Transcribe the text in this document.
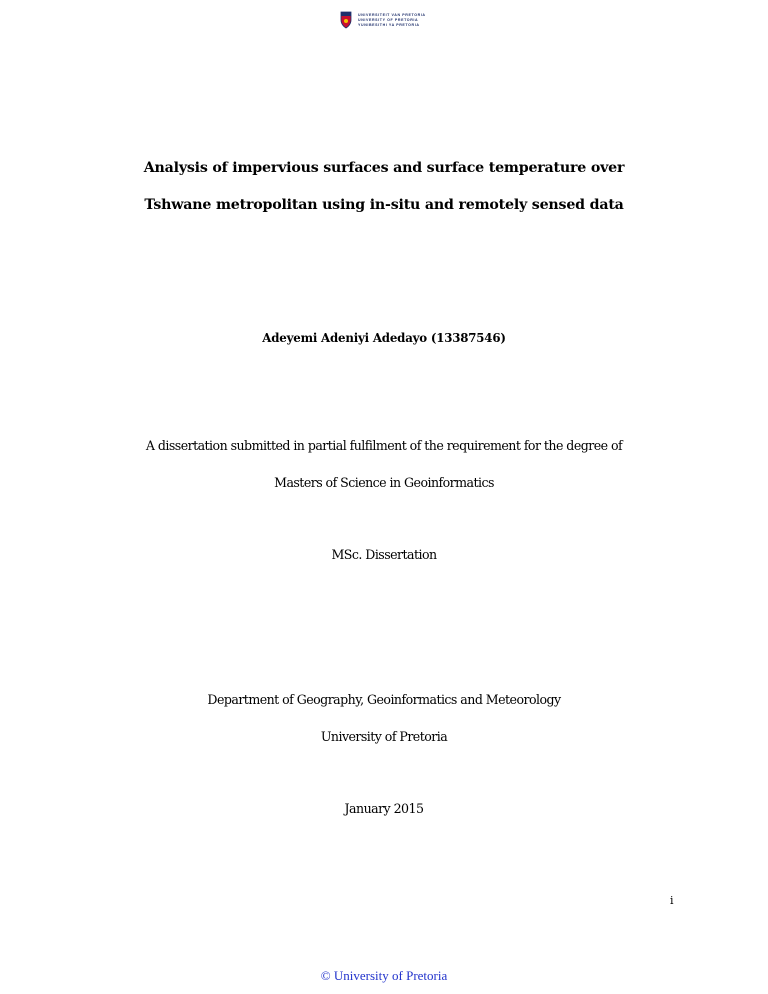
UNIVERSITEIT VAN PRETORIA
UNIVERSITY OF PRETORIA
YUNIBESITHI YA PRETORIA
Analysis of impervious surfaces and surface temperature over
Tshwane metropolitan using in-situ and remotely sensed data
Adeyemi Adeniyi Adedayo (13387546)
A dissertation submitted in partial fulfilment of the requirement for the degree of
Masters of Science in Geoinformatics
MSc. Dissertation
Department of Geography, Geoinformatics and Meteorology
University of Pretoria
January 2015
i
© University of Pretoria
